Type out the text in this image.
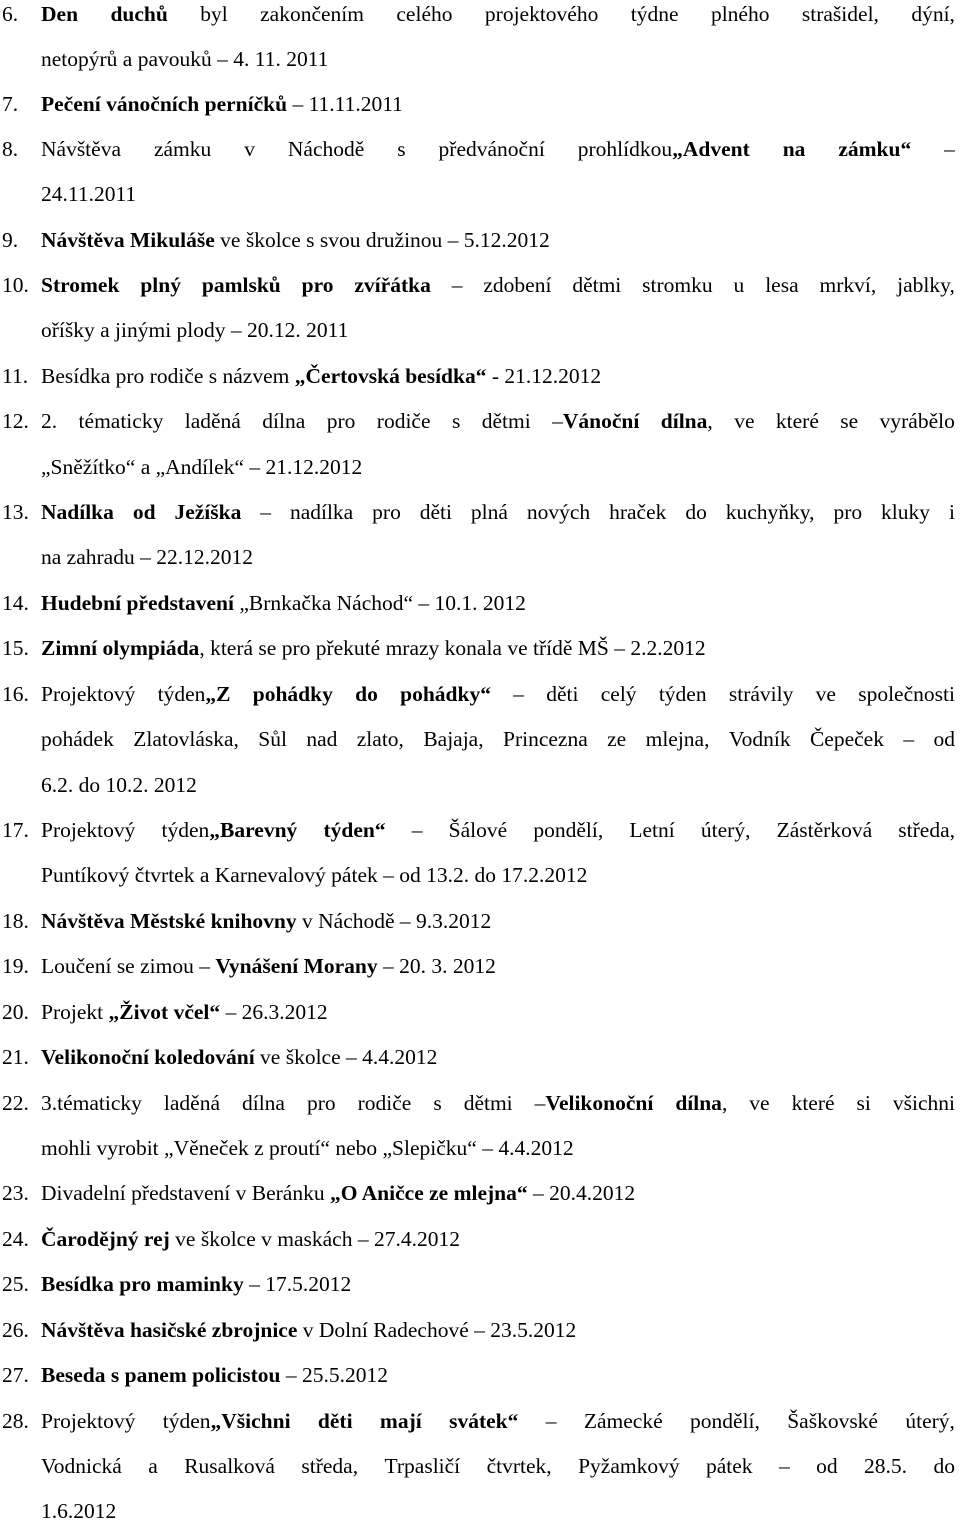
6. Den duchů byl zakončením celého projektového týdne plného strašidel, dýní,
netopýrů a pavouků – 4. 11. 2011
7. Pečení vánočních perníčků – 11.11.2011
8. Návštěva zámku v Náchodě s předvánoční prohlídkou„Advent na zámku“ –
24.11.2011
9. Návštěva Mikuláše ve školce s svou družinou – 5.12.2012
10. Stromek plný pamlsků pro zvířátka – zdobení dětmi stromku u lesa mrkví, jablky,
oříšky a jinými plody – 20.12. 2011
11. Besídka pro rodiče s názvem „Čertovská besídka“ - 21.12.2012
12. 2. tématicky laděná dílna pro rodiče s dětmi –Vánoční dílna, ve které se vyrábělo
„Sněžítko“ a „Andílek“ – 21.12.2012
13. Nadílka od Ježíška – nadílka pro děti plná nových hraček do kuchyňky, pro kluky i
na zahradu – 22.12.2012
14. Hudební představení „Brnkačka Náchod“ – 10.1. 2012
15. Zimní olympiáda, která se pro překuté mrazy konala ve třídě MŠ – 2.2.2012
16. Projektový týden„Z pohádky do pohádky“ – děti celý týden strávily ve společnosti
pohádek Zlatovláska, Sůl nad zlato, Bajaja, Princezna ze mlejna, Vodník Čepeček – od
6.2. do 10.2. 2012
17. Projektový týden„Barevný týden“ – Šálové pondělí, Letní úterý, Zástěrková středa,
Puntíkový čtvrtek a Karnevalový pátek – od 13.2. do 17.2.2012
18. Návštěva Městské knihovny v Náchodě – 9.3.2012
19. Loučení se zimou – Vynášení Morany – 20. 3. 2012
20. Projekt „Život včel“ – 26.3.2012
21. Velikonoční koledování ve školce – 4.4.2012
22. 3.tématicky laděná dílna pro rodiče s dětmi –Velikonoční dílna, ve které si všichni
mohli vyrobit „Věneček z proutí“ nebo „Slepičku“ – 4.4.2012
23. Divadelní představení v Beránku „O Aničce ze mlejna“ – 20.4.2012
24. Čarodějný rej ve školce v maskách – 27.4.2012
25. Besídka pro maminky – 17.5.2012
26. Návštěva hasičské zbrojnice v Dolní Radechové – 23.5.2012
27. Beseda s panem policistou – 25.5.2012
28. Projektový týden„Všichni děti mají svátek“ – Zámecké pondělí, Šaškovské úterý,
Vodnická a Rusalková středa, Trpasličí čtvrtek, Pyžamkový pátek – od 28.5. do
1.6.2012
